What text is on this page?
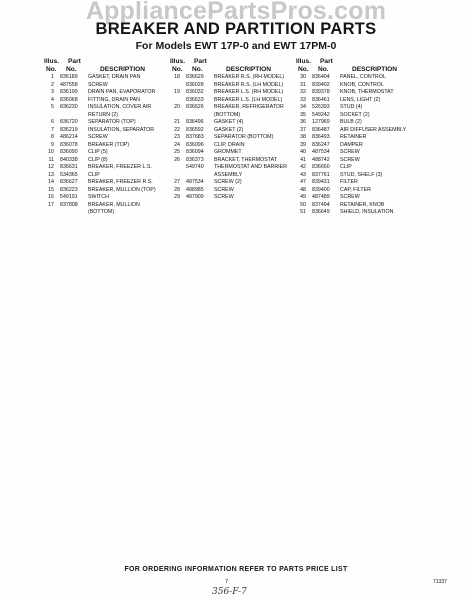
AppliancePartsPros.com
BREAKER AND PARTITION PARTS
For Models EWT 17P-0 and EWT 17PM-0

Illus.

Part

No.

No.

	DESCRIPTION

1 836189 GASKET, DRAIN PAN
2 487558 SCREW
3 836199 DRAIN PAN, EVAPORATOR
4 836068 FITTING, DRAIN PAN
5 836230 INSULATION, COVER AIR
RETURN (2)
6 836720 SEPARATOR (TOP)
7 836219 INSULATION, SEPARATOR
8 486214 SCREW
9 836078 BREAKER (TOP)
10 836090 CLIP (5)
11 840338 CLIP (8)
12 836631 BREAKER, FREEZER L.S.
13 534365 CLIP
14 836627 BREAKER, FREEZER R.S.
15 836223 BREAKER, MULLION (TOP)
16 549191 SWITCH
17 837808 BREAKER, MULLION
(BOTTOM)

Illus.

Part

No.

No.

	DESCRIPTION

18 836629 BREAKER R.S. (RH MODEL)
836028 BREAKER R.S. (LH MODEL)
19 836032 BREAKER L.S. (RH MODEL)
836633 BREAKER L.S. (LH MODEL)
20 836626 BREAKER, REFRIGERATOR
(BOTTOM)
21 836496 GASKET (4)
22 836592 GASKET (2)
23 837683 SEPARATOR (BOTTOM)
24 836096 CLIP, DRAIN
25 836094 GROMMET
26 836373 BRACKET, THERMOSTAT
549740 THERMOSTAT AND BARRIER
ASSEMBLY
27 487534 SCREW (2)
28 488985 SCREW
29 487909 SCREW

Illus.

Part

No.

No.

	DESCRIPTION

30 836404 PANEL, CONTROL
31 839402 KNOB, CONTROL
32 839378 KNOB, THERMOSTAT
33 836461 LENS, LIGHT (2)
34 526393 STUD (4)
35 549242 SOCKET (2)
36 127969 BULB (2)
37 836487 AIR DIFFUSER ASSEMBLY
38 836493 RETAINER
39 836247 DAMPER
40 487534 SCREW
41 488742 SCREW
42 836660 CLIP
43 837761 STUD, SHELF (3)
47 839431 FILTER
48 839400 CAP, FILTER
49 487489 SCREW
50 837494 RETAINER, KNOB
51 836649 SHIELD, INSULATION
FOR ORDERING INFORMATION REFER TO PARTS PRICE LIST
7	71337
356-F-7
